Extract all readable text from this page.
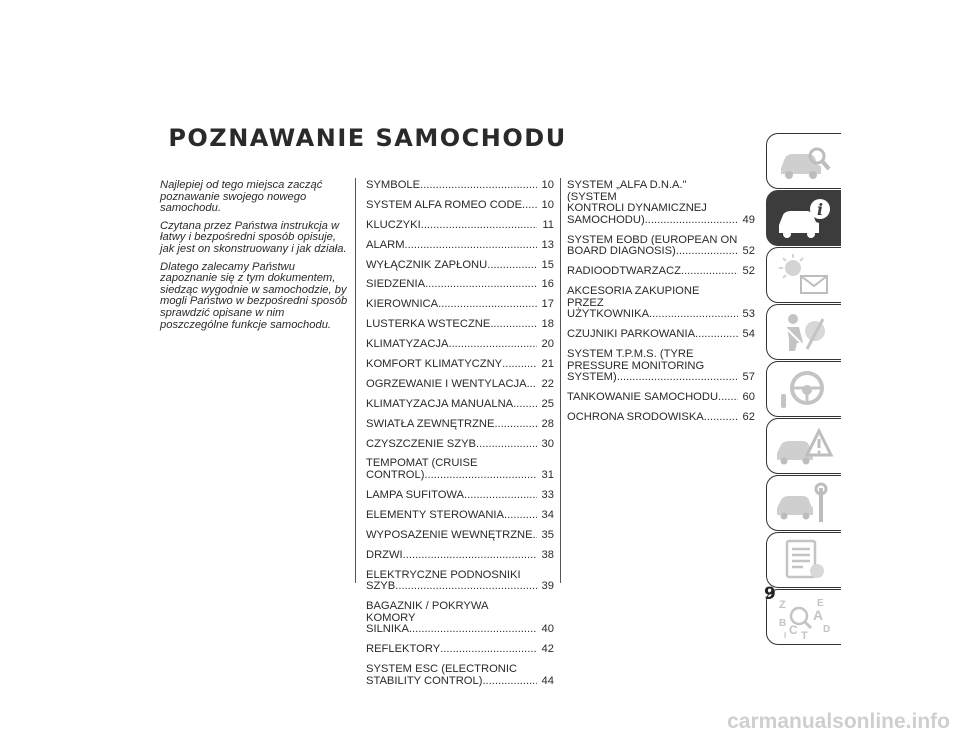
POZNAWANIE SAMOCHODU

Najlepiej od tego miejsca zacząć poznawanie swojego nowego samochodu.

Czytana przez Państwa instrukcja w łatwy i bezpośredni sposób opisuje, jak jest on skonstruowany i jak działa.

Dlatego zalecamy Państwu zapoznanie się z tym dokumentem, siedząc wygodnie w samochodzie, by mogli Państwo w bezpośredni sposób sprawdzić opisane w nim poszczególne funkcje samochodu.

SYMBOLE .....	10
SYSTEM ALFA ROMEO CODE .....	10
KLUCZYKI .....	11
ALARM .....	13
WYŁĄCZNIK ZAPŁONU .....	15
SIEDZENIA .....	16
KIEROWNICA .....	17
LUSTERKA WSTECZNE .....	18
KLIMATYZACJA .....	20
KOMFORT KLIMATYCZNY .....	21
OGRZEWANIE I WENTYLACJA .....	22
KLIMATYZACJA MANUALNA .....	25
ŚWIATŁA ZEWNĘTRZNE .....	28
CZYSZCZENIE SZYB .....	30
TEMPOMAT (CRUISE CONTROL) .....	31
LAMPA SUFITOWA .....	33
ELEMENTY STEROWANIA .....	34
WYPOSAŻENIE WEWNĘTRZNE ..... 35
DRZWI .....	38
ELEKTRYCZNE PODNOŚNIKI
SZYB .....	39
BAGAŻNIK / POKRYWA KOMORY
SILNIKA .....	40
REFLEKTORY .....	42
SYSTEM ESC (ELECTRONIC
STABILITY CONTROL) .....	44
SYSTEM „ALFA D.N.A." (SYSTEM
KONTROLI DYNAMICZNEJ
SAMOCHODU) .....	49
SYSTEM EOBD (EUROPEAN ON
BOARD DIAGNOSIS) .....	52
RADIOODTWARZACZ .....	52
AKCESORIA ZAKUPIONE PRZEZ
UŻYTKOWNIKA .....	53
CZUJNIKI PARKOWANIA .....	54
SYSTEM T.P.M.S. (TYRE
PRESSURE MONITORING
SYSTEM) .....	57
TANKOWANIE SAMOCHODU .....	60
OCHRONA ŚRODOWISKA .....	62
i
Z	E
A
B C	D
I T
9
carmanualsonline.info
